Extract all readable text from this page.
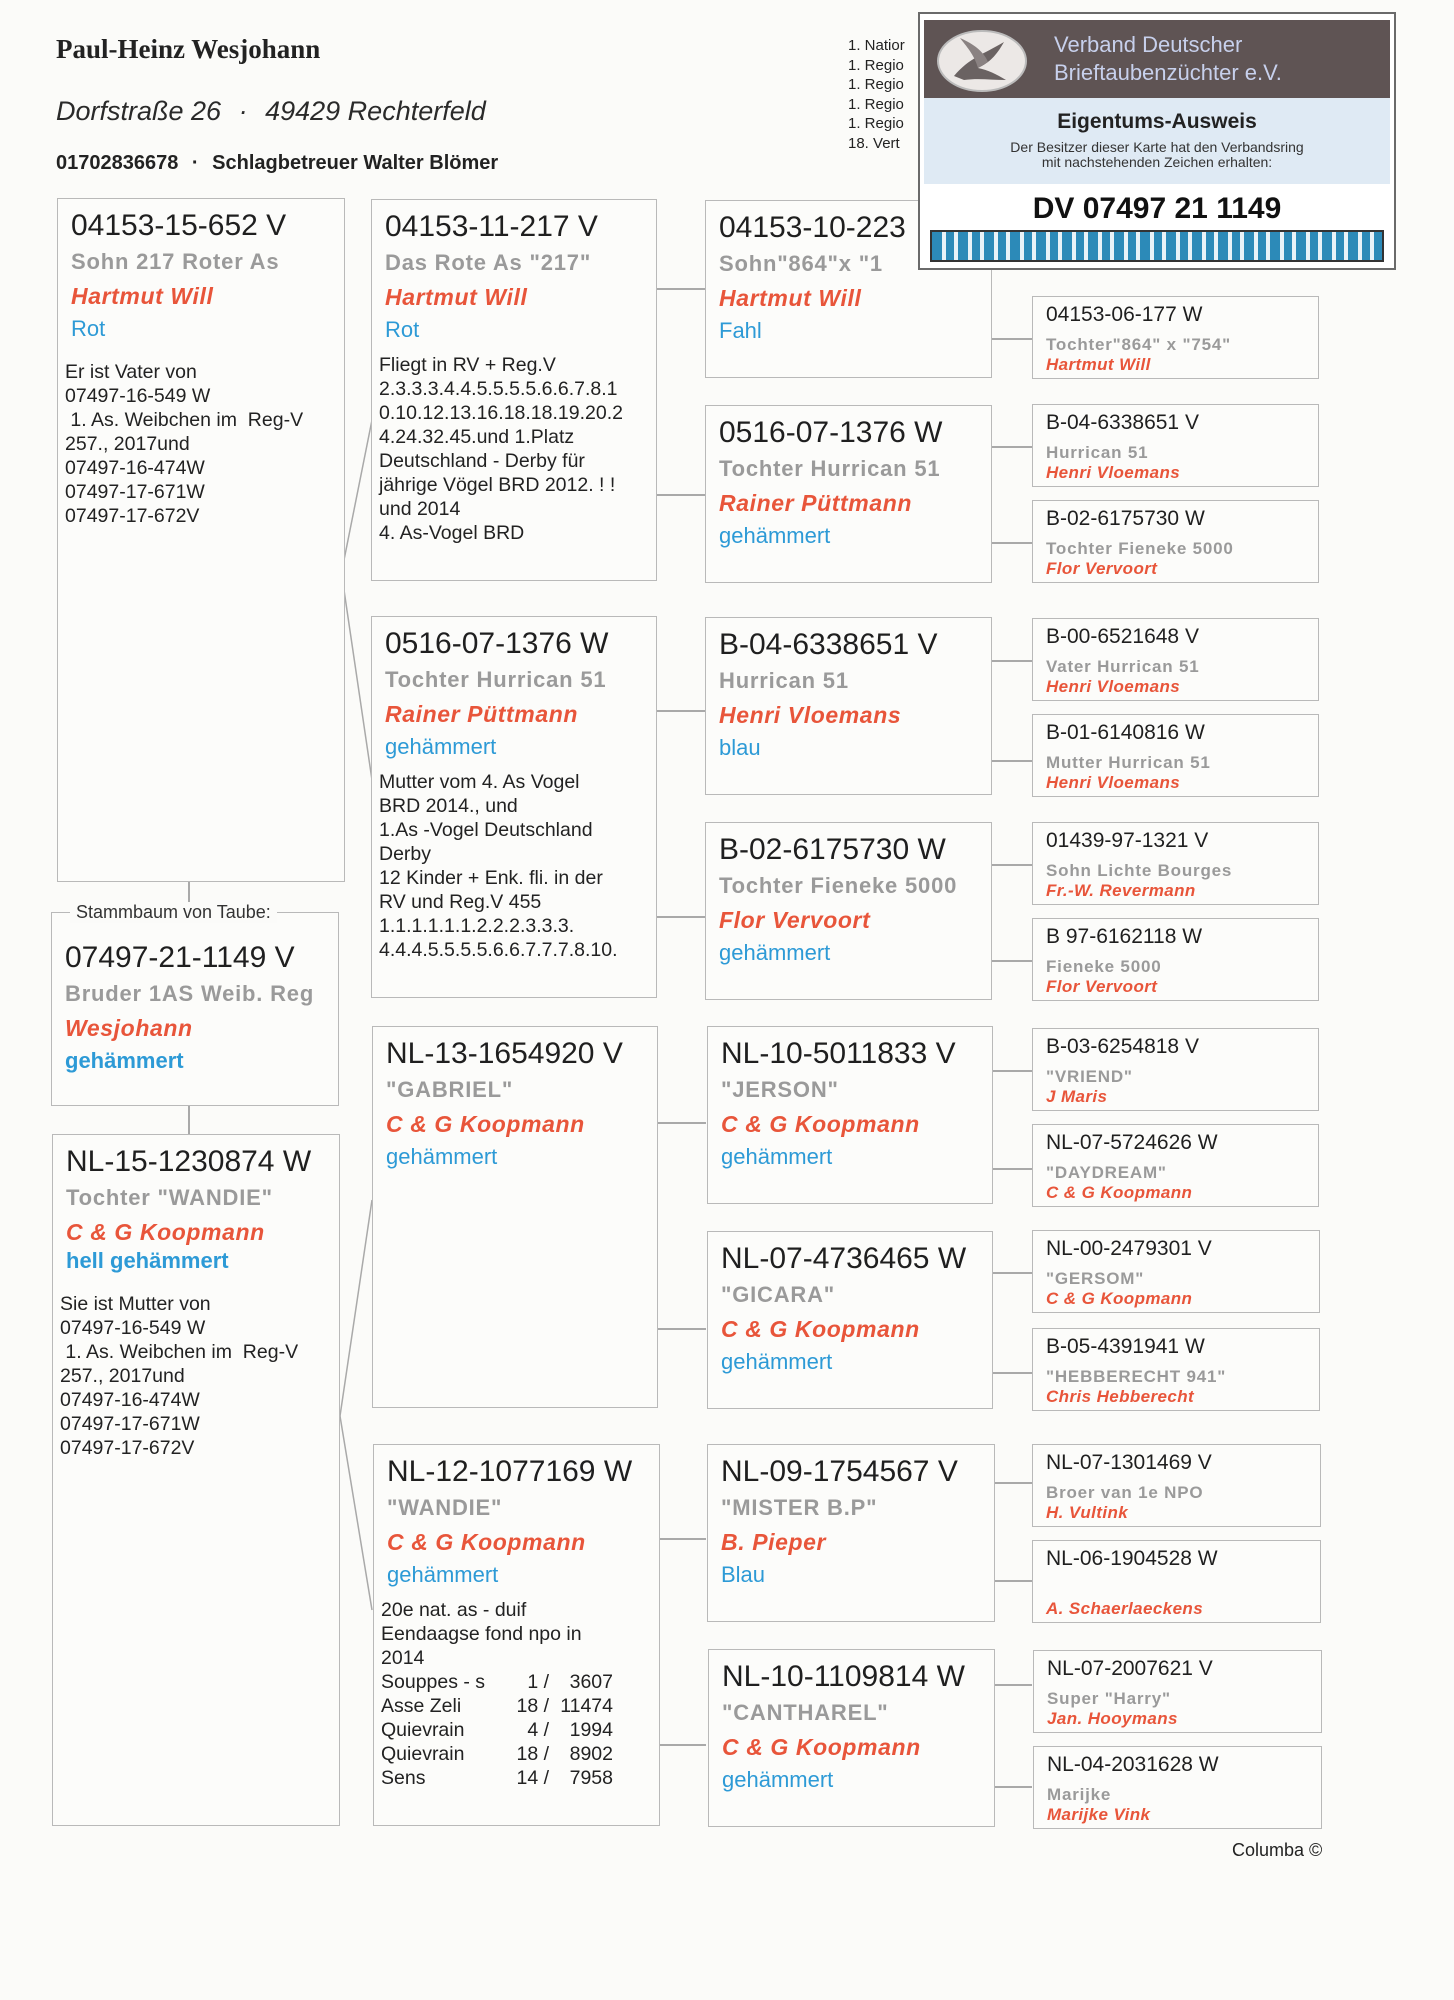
Paul-Heinz Wesjohann
Dorfstraße 26 · 49429 Rechterfeld
01702836678 · Schlagbetreuer Walter Blömer
1. Natior
1. Regio
1. Regio
1. Regio
1. Regio
18. Vert
04153-15-652 V
Sohn 217 Roter As
Hartmut Will
Rot
Er ist Vater von
07497-16-549 W
1. As. Weibchen im  Reg-V
257., 2017und
07497-16-474W
07497-17-671W
07497-17-672V
07497-21-1149 V
Bruder 1AS Weib. Reg
Wesjohann
gehämmert
Stammbaum von Taube:
NL-15-1230874 W
Tochter "WANDIE"
C & G Koopmann
hell gehämmert
Sie ist Mutter von
07497-16-549 W
1. As. Weibchen im  Reg-V
257., 2017und
07497-16-474W
07497-17-671W
07497-17-672V
04153-11-217 V
Das Rote As "217"
Hartmut Will
Rot
Fliegt in RV + Reg.V
2.3.3.3.4.4.5.5.5.5.6.6.7.8.1
0.10.12.13.16.18.18.19.20.2
4.24.32.45.und 1.Platz
Deutschland - Derby für
jährige Vögel BRD 2012. ! !
und 2014
4. As-Vogel BRD
0516-07-1376 W
Tochter Hurrican 51
Rainer Püttmann
gehämmert
Mutter vom 4. As Vogel
BRD 2014., und
1.As -Vogel Deutschland
Derby
12 Kinder + Enk. fli. in der
RV und Reg.V 455
1.1.1.1.1.1.2.2.2.3.3.3.
4.4.4.5.5.5.5.6.6.7.7.7.8.10.
NL-13-1654920 V
"GABRIEL"
C & G Koopmann
gehämmert
NL-12-1077169 W
"WANDIE"
C & G Koopmann
gehämmert
20e nat. as - duif
Eendaagse fond npo in
2014
Souppes - s	1 /	3607
Asse Zeli	18 / 11474
Quievrain	4 /	1994
Quievrain	18 /	8902
Sens	14 /	7958
04153-10-223
Sohn"864"x "1
Hartmut Will
Fahl
0516-07-1376 W
Tochter Hurrican 51
Rainer Püttmann
gehämmert
B-04-6338651 V
Hurrican 51
Henri Vloemans
blau
B-02-6175730 W
Tochter Fieneke 5000
Flor Vervoort
gehämmert
NL-10-5011833 V
"JERSON"
C & G Koopmann
gehämmert
NL-07-4736465 W
"GICARA"
C & G Koopmann
gehämmert
NL-09-1754567 V
"MISTER B.P"
B. Pieper
Blau
NL-10-1109814 W
"CANTHAREL"
C & G Koopmann
gehämmert
04153-06-177 W
Tochter"864" x "754"
Hartmut Will
B-04-6338651 V
Hurrican 51
Henri Vloemans
B-02-6175730 W
Tochter Fieneke 5000
Flor Vervoort
B-00-6521648 V
Vater Hurrican 51
Henri Vloemans
B-01-6140816 W
Mutter Hurrican 51
Henri Vloemans
01439-97-1321 V
Sohn Lichte Bourges
Fr.-W. Revermann
B 97-6162118 W
Fieneke 5000
Flor Vervoort
B-03-6254818 V
"VRIEND"
J Maris
NL-07-5724626 W
"DAYDREAM"
C & G Koopmann
NL-00-2479301 V
"GERSOM"
C & G Koopmann
B-05-4391941 W
"HEBBERECHT 941"
Chris Hebberecht
NL-07-1301469 V
Broer van 1e NPO
H. Vultink
NL-06-1904528 W
A. Schaerlaeckens
NL-07-2007621 V
Super "Harry"
Jan. Hooymans
NL-04-2031628 W
Marijke
Marijke Vink
Verband Deutscher
Brieftaubenzüchter e.V.
Eigentums-Ausweis
Der Besitzer dieser Karte hat den Verbandsring
mit nachstehenden Zeichen erhalten:
DV 07497 21 1149
Columba ©
